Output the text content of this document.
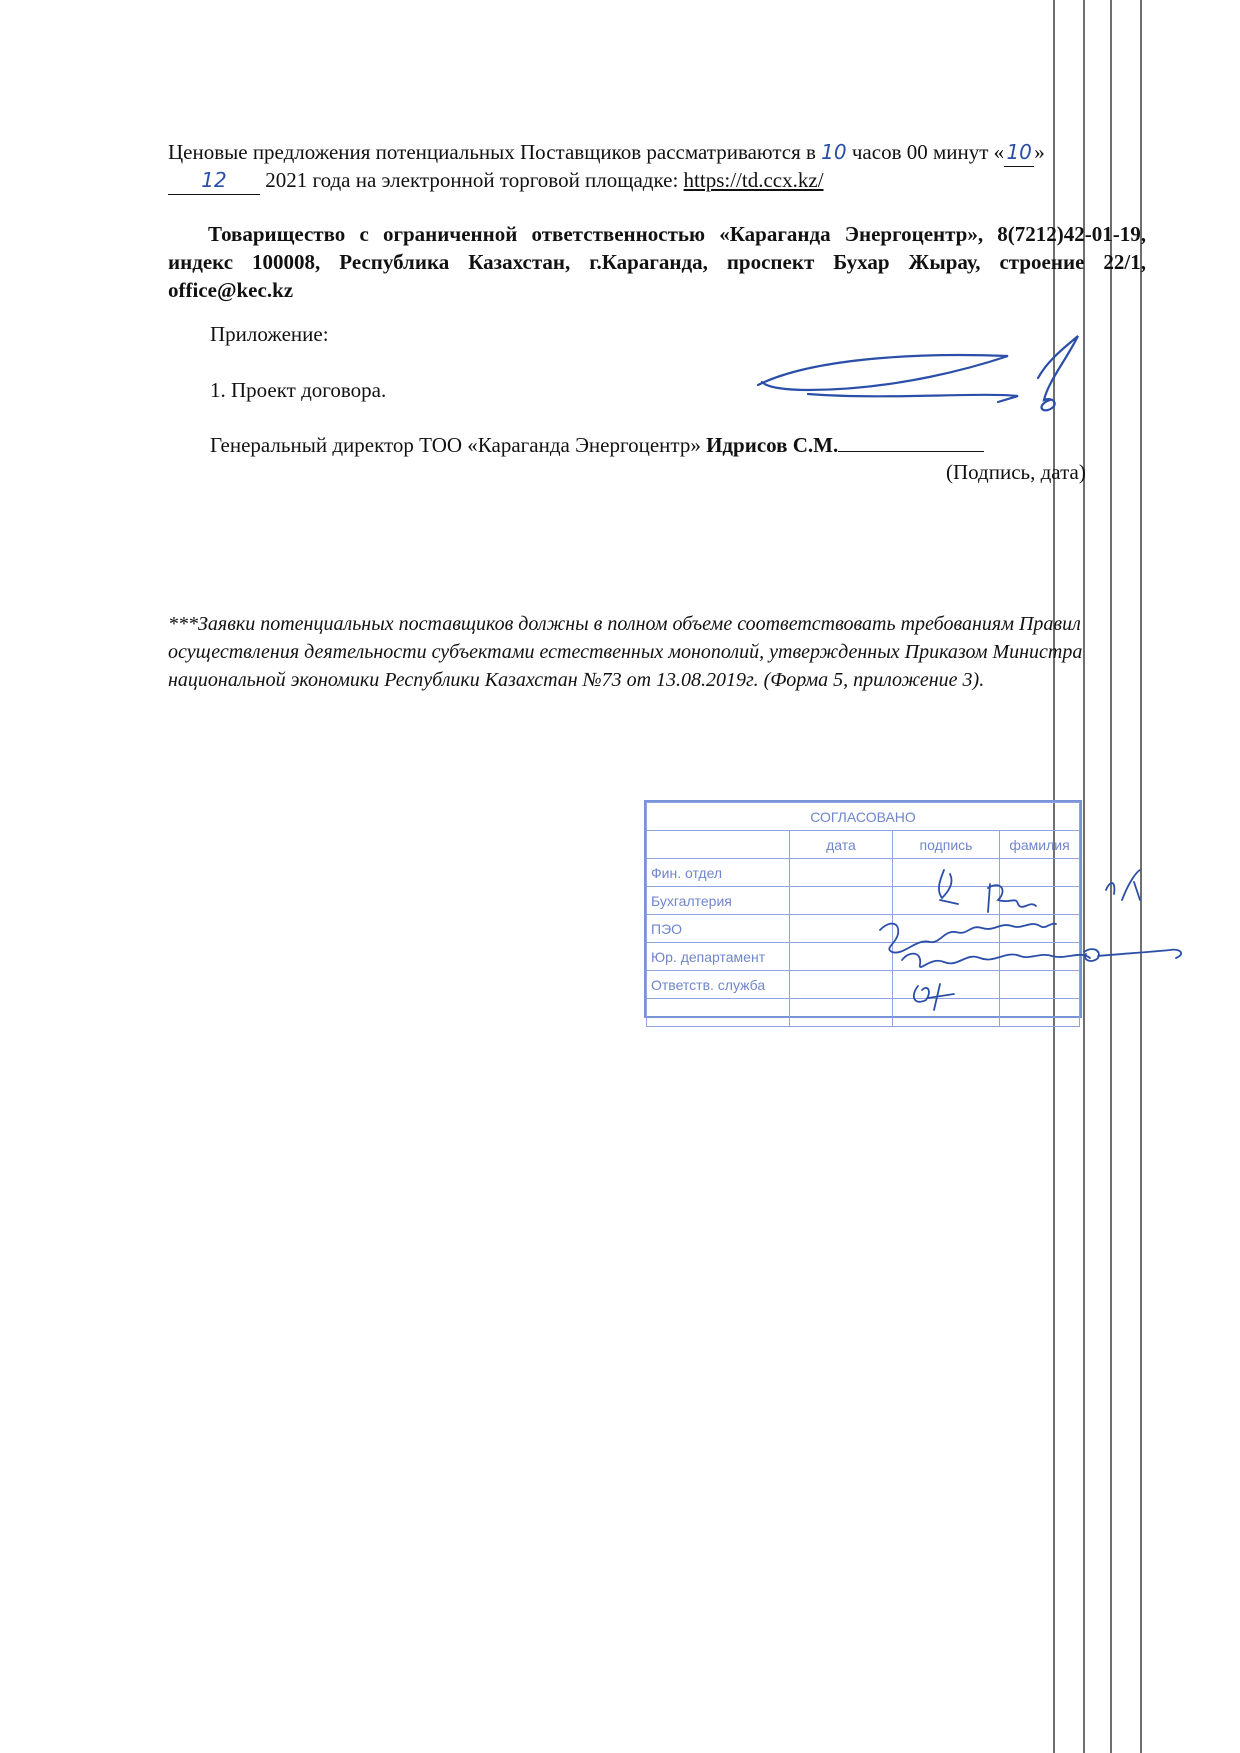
Ценовые предложения потенциальных Поставщиков рассматриваются в 10 часов 00 минут « 10 »
12 2021 года на электронной торговой площадке: https://td.ccx.kz/
Товарищество с ограниченной ответственностью «Караганда Энергоцентр», 8(7212)42-01-19, индекс 100008, Республика Казахстан, г.Караганда, проспект Бухар Жырау, строение 22/1, office@kec.kz
Приложение:
1. Проект договора.
Генеральный директор ТОО «Караганда Энергоцентр» Идрисов С.М.
(Подпись, дата)
***Заявки потенциальных поставщиков должны в полном объеме соответствовать требованиям Правил осуществления деятельности субъектами естественных монополий, утвержденных Приказом Министра национальной экономики Республики Казахстан №73 от 13.08.2019г. (Форма 5, приложение 3).
СОГЛАСОВАНО			
	дата	подпись	фамилия
Фин. отдел			
Бухгалтерия			
ПЭО			
Юр. департамент			
Ответств. служба			
